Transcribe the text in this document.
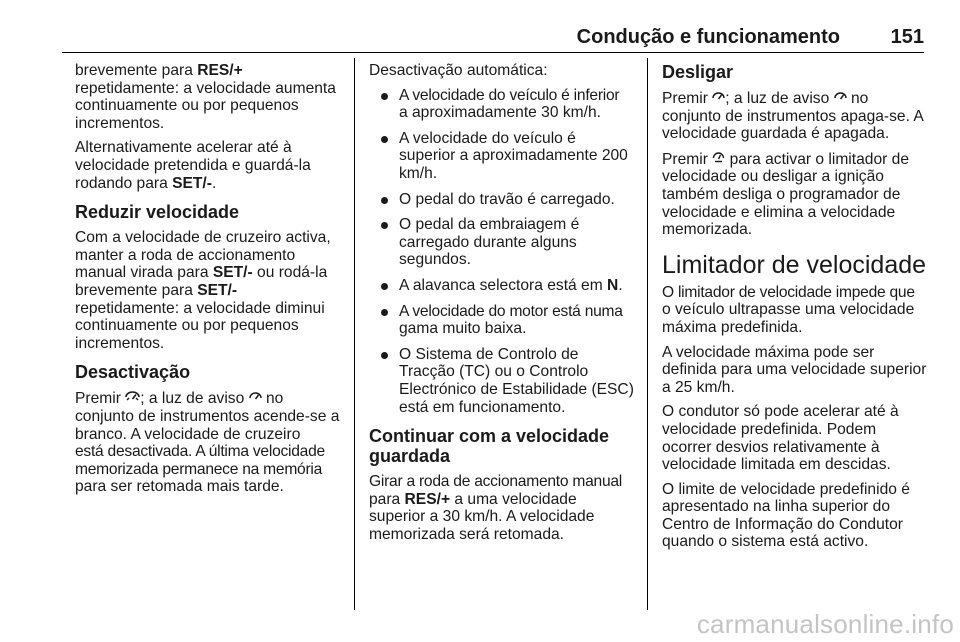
Condução e funcionamento	151

brevemente para RES/+
repetidamente: a velocidade aumenta continuamente ou por pequenos incrementos.

Alternativamente acelerar até à velocidade pretendida e guardá-la rodando para SET/-.

Reduzir velocidade

Com a velocidade de cruzeiro activa, manter a roda de accionamento manual virada para SET/- ou rodá-la brevemente para SET/-
repetidamente: a velocidade diminui continuamente ou por pequenos incrementos.

Desactivação

Premir ; a luz de aviso  no conjunto de instrumentos acende-se a branco. A velocidade de cruzeiro
está desactivada. A última velocidade
memorizada permanece na memória
para ser retomada mais tarde.

Desactivação automática:

A velocidade do veículo é inferior
a aproximadamente 30 km/h.
A velocidade do veículo é superior a aproximadamente 200 km/h.
O pedal do travão é carregado.
O pedal da embraiagem é carregado durante alguns segundos.
A alavanca selectora está em N.
A velocidade do motor está numa
gama muito baixa.
O Sistema de Controlo de Tracção (TC) ou o Controlo Electrónico de Estabilidade (ESC) está em funcionamento.
Continuar com a velocidade guardada

Girar a roda de accionamento manual
para RES/+ a uma velocidade superior a 30 km/h. A velocidade memorizada será retomada.

Desligar

Premir ; a luz de aviso  no conjunto de instrumentos apaga-se. A velocidade guardada é apagada.

Premir  para activar o limitador de velocidade ou desligar a ignição também desliga o programador de velocidade e elimina a velocidade memorizada.

Limitador de velocidade

O limitador de velocidade impede que
o veículo ultrapasse uma velocidade máxima predefinida.

A velocidade máxima pode ser definida para uma velocidade superior a 25 km/h.

O condutor só pode acelerar até à velocidade predefinida. Podem ocorrer desvios relativamente à velocidade limitada em descidas.

O limite de velocidade predefinido é apresentado na linha superior do Centro de Informação do Condutor quando o sistema está activo.

carmanualsonline.info
